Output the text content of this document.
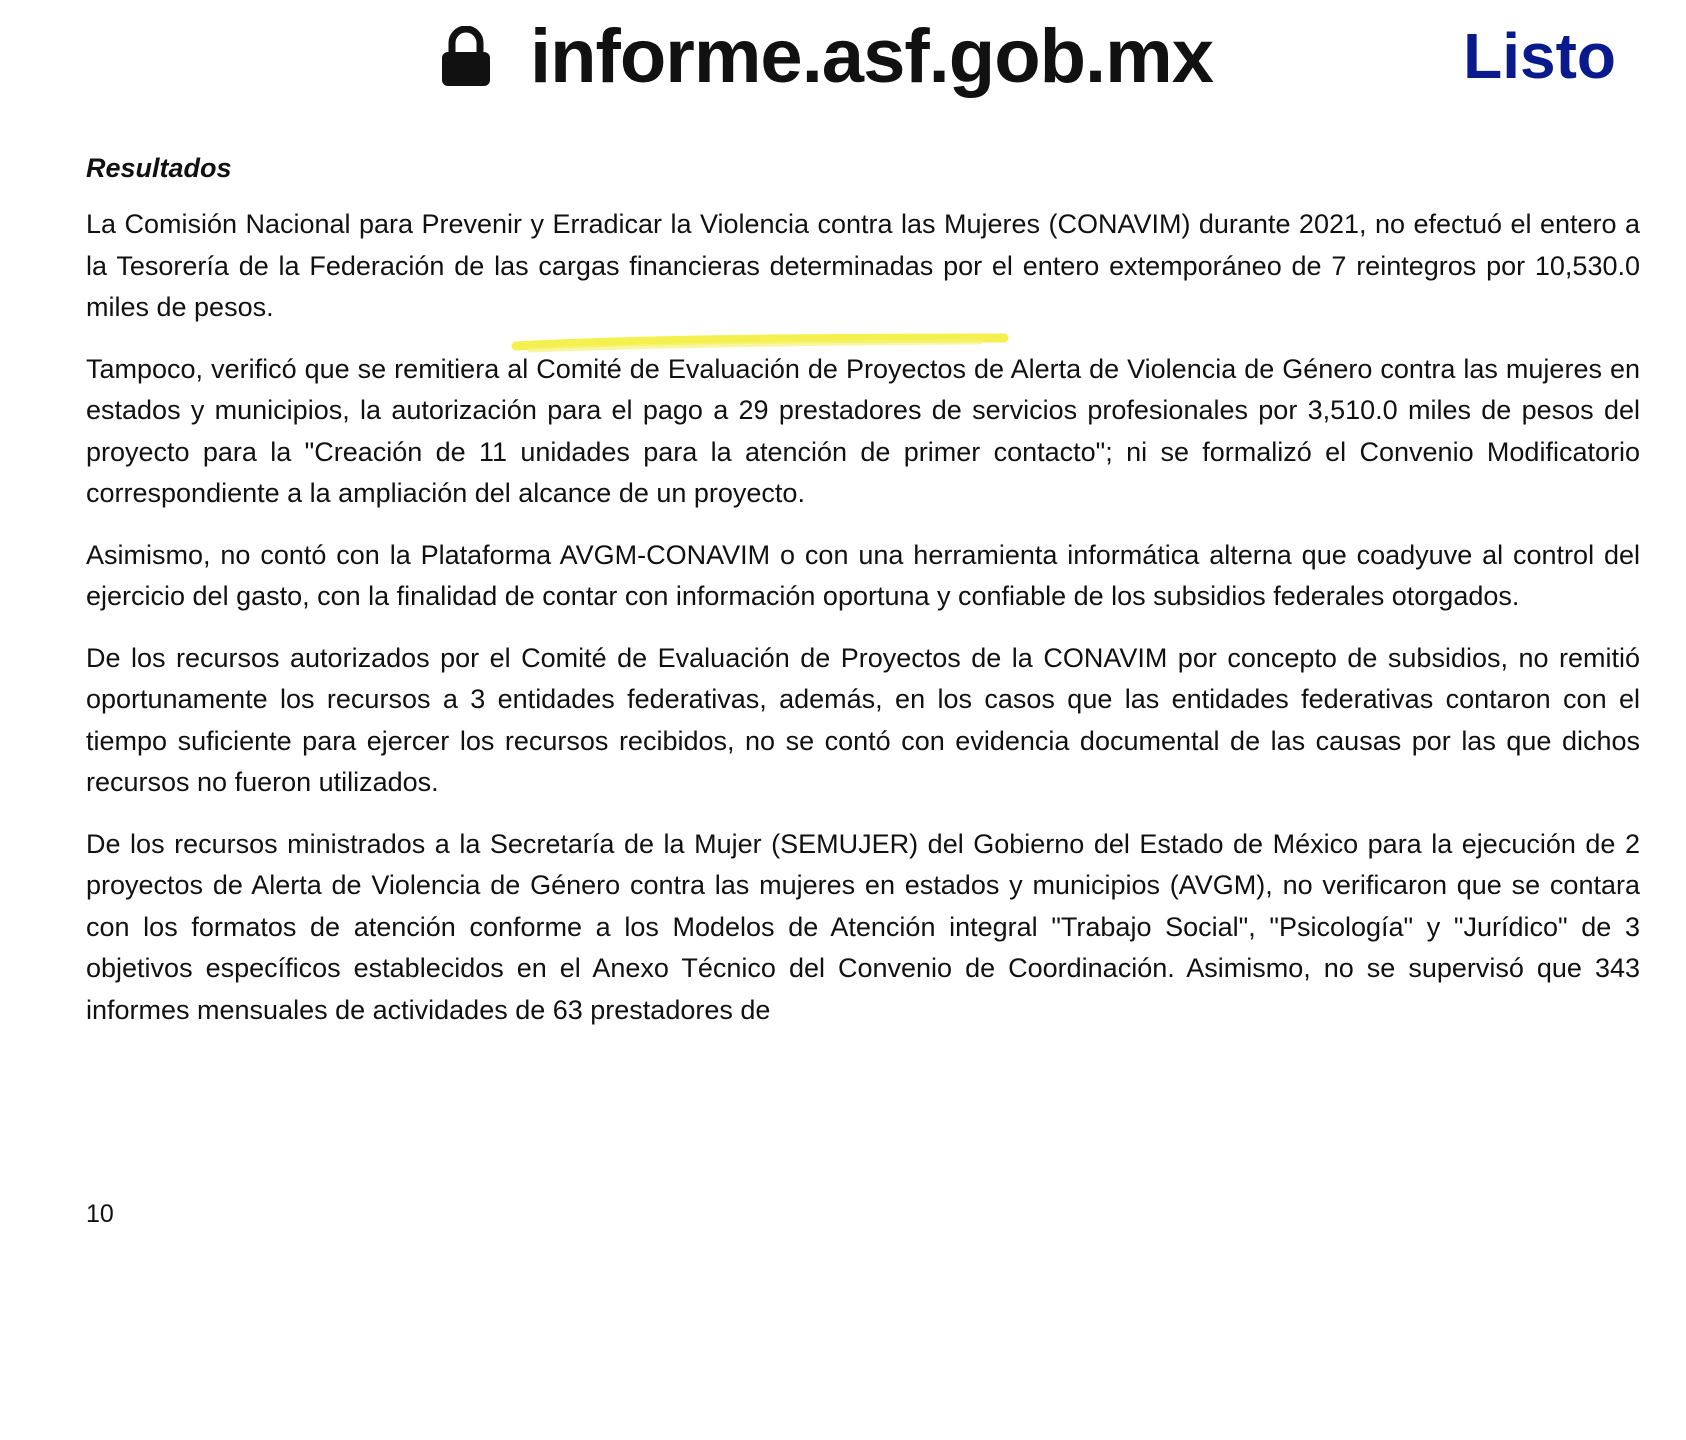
informe.asf.gob.mx	Listo

Resultados

La Comisión Nacional para Prevenir y Erradicar la Violencia contra las Mujeres (CONAVIM) durante 2021, no efectuó el entero a la Tesorería de la Federación de las cargas financieras determinadas por el entero extemporáneo de 7 reintegros por 10,530.0 miles de pesos.

Tampoco, verificó que se remitiera al Comité de Evaluación de Proyectos de Alerta de Violencia de Género contra las mujeres en estados y municipios, la autorización para el pago a 29 prestadores de servicios profesionales por 3,510.0 miles de pesos del proyecto para la "Creación de 11 unidades para la atención de primer contacto"; ni se formalizó el Convenio Modificatorio correspondiente a la ampliación del alcance de un proyecto.

Asimismo, no contó con la Plataforma AVGM-CONAVIM o con una herramienta informática alterna que coadyuve al control del ejercicio del gasto, con la finalidad de contar con información oportuna y confiable de los subsidios federales otorgados.

De los recursos autorizados por el Comité de Evaluación de Proyectos de la CONAVIM por concepto de subsidios, no remitió oportunamente los recursos a 3 entidades federativas, además, en los casos que las entidades federativas contaron con el tiempo suficiente para ejercer los recursos recibidos, no se contó con evidencia documental de las causas por las que dichos recursos no fueron utilizados.

De los recursos ministrados a la Secretaría de la Mujer (SEMUJER) del Gobierno del Estado de México para la ejecución de 2 proyectos de Alerta de Violencia de Género contra las mujeres en estados y municipios (AVGM), no verificaron que se contara con los formatos de atención conforme a los Modelos de Atención integral "Trabajo Social", "Psicología" y "Jurídico" de 3 objetivos específicos establecidos en el Anexo Técnico del Convenio de Coordinación. Asimismo, no se supervisó que 343 informes mensuales de actividades de 63 prestadores de

10
